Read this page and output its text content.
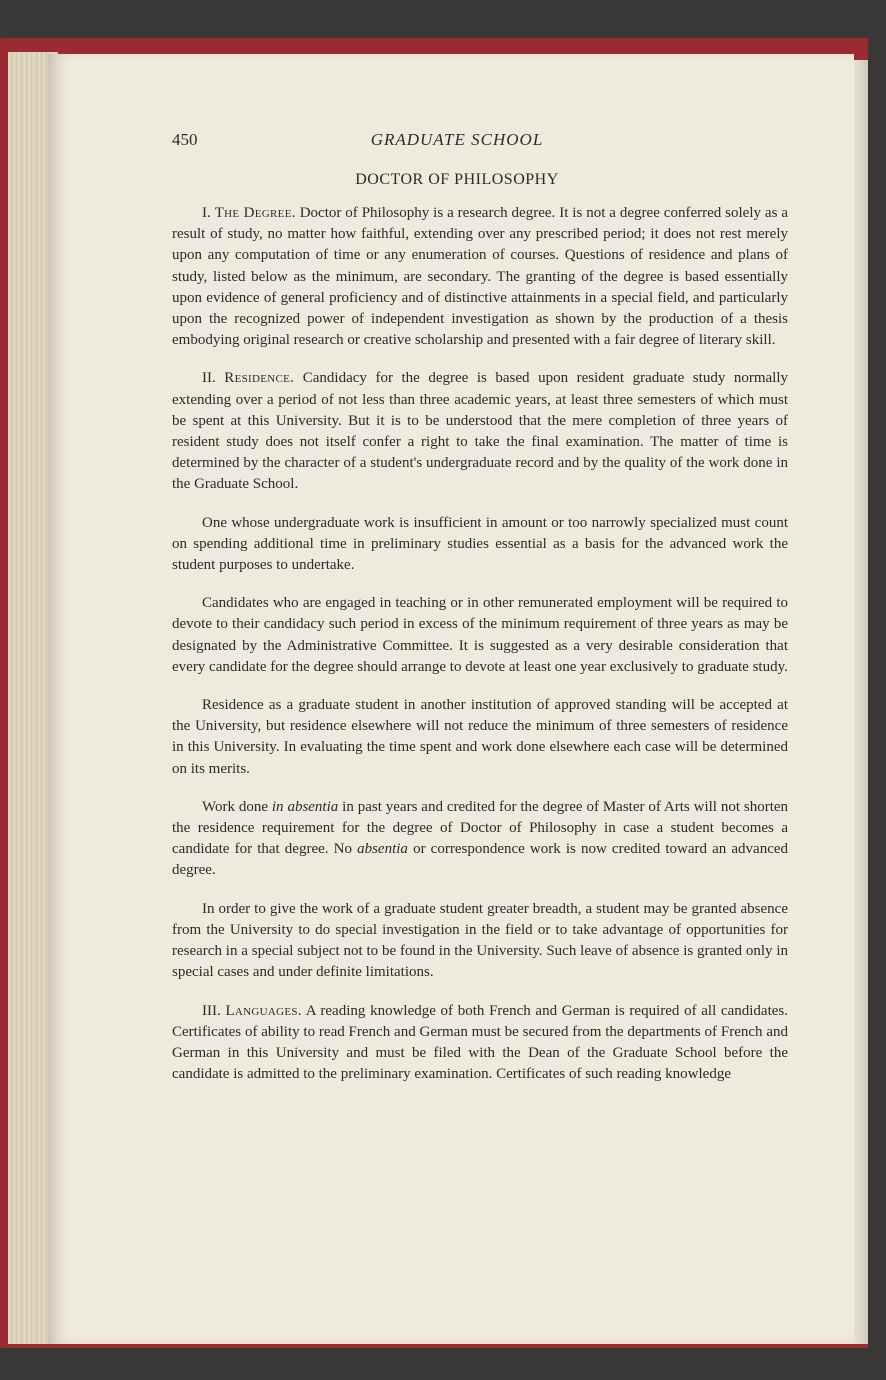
450	GRADUATE SCHOOL
DOCTOR OF PHILOSOPHY

I. The Degree. Doctor of Philosophy is a research degree. It is not a degree conferred solely as a result of study, no matter how faithful, extending over any prescribed period; it does not rest merely upon any computation of time or any enumeration of courses. Questions of residence and plans of study, listed below as the minimum, are secondary. The granting of the degree is based essentially upon evidence of general proficiency and of distinctive attainments in a special field, and particularly upon the recognized power of independent investigation as shown by the production of a thesis embodying original research or creative scholarship and presented with a fair degree of literary skill.

II. Residence. Candidacy for the degree is based upon resident graduate study normally extending over a period of not less than three academic years, at least three semesters of which must be spent at this University. But it is to be understood that the mere completion of three years of resident study does not itself confer a right to take the final examination. The matter of time is determined by the character of a student's undergraduate record and by the quality of the work done in the Graduate School.

One whose undergraduate work is insufficient in amount or too narrowly specialized must count on spending additional time in preliminary studies essential as a basis for the advanced work the student purposes to undertake.

Candidates who are engaged in teaching or in other remunerated employment will be required to devote to their candidacy such period in excess of the minimum requirement of three years as may be designated by the Administrative Committee. It is suggested as a very desirable consideration that every candidate for the degree should arrange to devote at least one year exclusively to graduate study.

Residence as a graduate student in another institution of approved standing will be accepted at the University, but residence elsewhere will not reduce the minimum of three semesters of residence in this University. In evaluating the time spent and work done elsewhere each case will be determined on its merits.

Work done in absentia in past years and credited for the degree of Master of Arts will not shorten the residence requirement for the degree of Doctor of Philosophy in case a student becomes a candidate for that degree. No absentia or correspondence work is now credited toward an advanced degree.

In order to give the work of a graduate student greater breadth, a student may be granted absence from the University to do special investigation in the field or to take advantage of opportunities for research in a special subject not to be found in the University. Such leave of absence is granted only in special cases and under definite limitations.

III. Languages. A reading knowledge of both French and German is required of all candidates. Certificates of ability to read French and German must be secured from the departments of French and German in this University and must be filed with the Dean of the Graduate School before the candidate is admitted to the preliminary examination. Certificates of such reading knowledge
